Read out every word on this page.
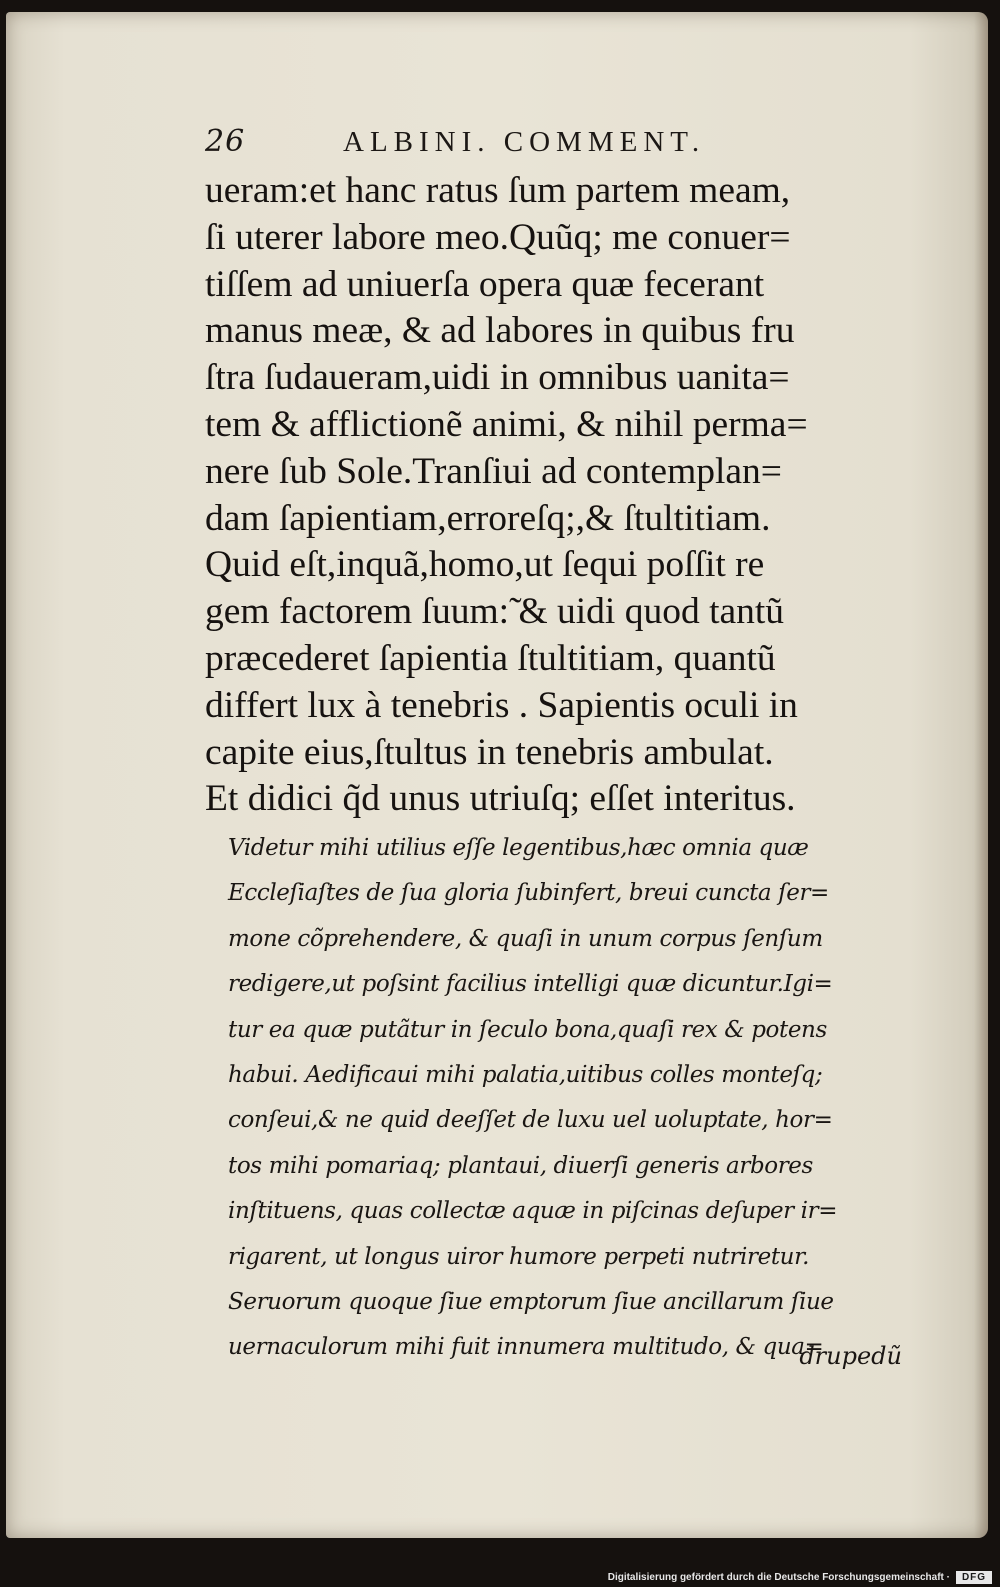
26	ALBINI. COMMENT.
ueram:et hanc ratus ſum partem meam,
ſi uterer labore meo.Quũq; me conuer=
tiſſem ad uniuerſa opera quæ fecerant
manus meæ, & ad labores in quibus fru
ſtra ſudaueram,uidi in omnibus uanita=
tem & afflictionẽ animi, & nihil perma=
nere ſub Sole.Tranſiui ad contemplan=
dam ſapientiam,erroreſq;,& ſtultitiam.
Quid eſt,inquã,homo,ut ſequi poſſit re
gem factorem ſuum:̃ & uidi quod tantũ
præcederet ſapientia ſtultitiam, quantũ
differt lux à tenebris . Sapientis oculi in
capite eius,ſtultus in tenebris ambulat.
Et didici q̃d unus utriuſq; eſſet interitus.
Videtur mihi utilius eſſe legentibus,hæc omnia quæ
Eccleſiaſtes de ſua gloria ſubinfert, breui cuncta ſer=
mone cõprehendere, & quaſi in unum corpus ſenſum
redigere,ut poſsint facilius intelligi quæ dicuntur.Igi=
tur ea quæ putãtur in ſeculo bona,quaſi rex & potens
habui. Aedificaui mihi palatia,uitibus colles monteſq;
conſeui,& ne quid deeſſet de luxu uel uoluptate, hor=
tos mihi pomariaq; plantaui, diuerſi generis arbores
inſtituens, quas collectæ aquæ in piſcinas deſuper ir=
rigarent, ut longus uiror humore perpeti nutriretur.
Seruorum quoque ſiue emptorum ſiue ancillarum ſiue
uernaculorum mihi fuit innumera multitudo, & qua=
drupedũ
Digitalisierung gefördert durch die Deutsche Forschungsgemeinschaft ·	DFG
